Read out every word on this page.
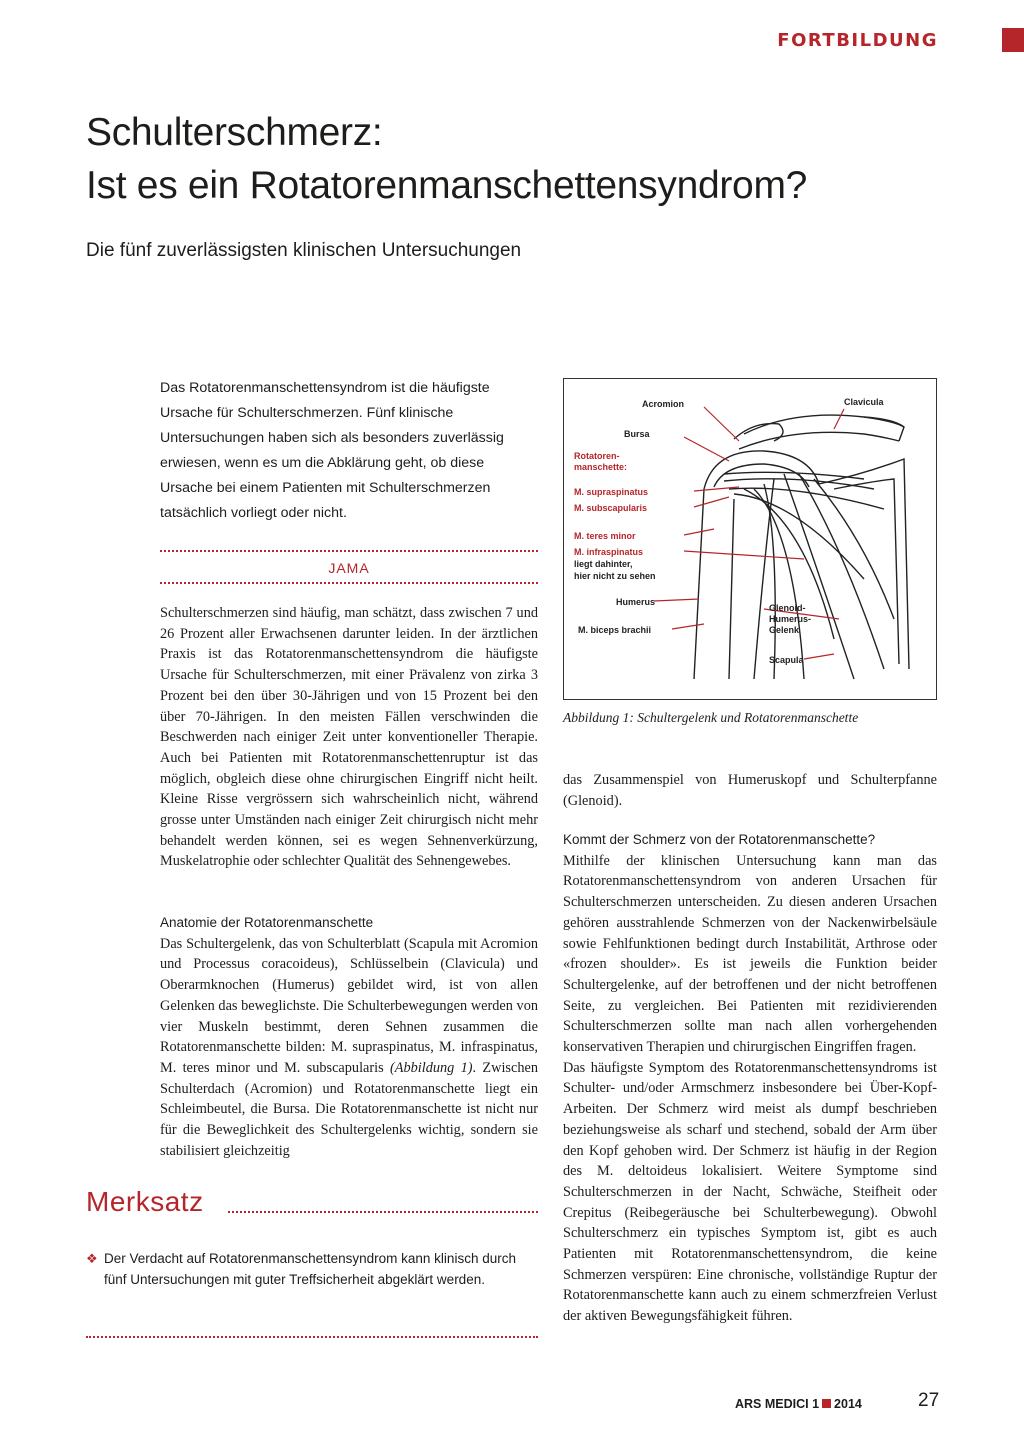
FORTBILDUNG
Schulterschmerz:
Ist es ein Rotatorenmanschettensyndrom?
Die fünf zuverlässigsten klinischen Untersuchungen
Das Rotatorenmanschettensyndrom ist die häufigste Ursache für Schulterschmerzen. Fünf klinische Untersuchungen haben sich als besonders zuverlässig erwiesen, wenn es um die Abklärung geht, ob diese Ursache bei einem Patienten mit Schulterschmerzen tatsächlich vorliegt oder nicht.
JAMA

Schulterschmerzen sind häufig, man schätzt, dass zwischen 7 und 26 Prozent aller Erwachsenen darunter leiden. In der ärztlichen Praxis ist das Rotatorenmanschettensyndrom die häufigste Ursache für Schulterschmerzen, mit einer Prävalenz von zirka 3 Prozent bei den über 30-Jährigen und von 15 Prozent bei den über 70-Jährigen. In den meisten Fällen verschwinden die Beschwerden nach einiger Zeit unter konventioneller Therapie. Auch bei Patienten mit Rotatorenmanschettenruptur ist das möglich, obgleich diese ohne chirurgischen Eingriff nicht heilt. Kleine Risse vergrössern sich wahrscheinlich nicht, während grosse unter Umständen nach einiger Zeit chirurgisch nicht mehr behandelt werden können, sei es wegen Sehnenverkürzung, Muskelatrophie oder schlechter Qualität des Sehnengewebes.

Anatomie der Rotatorenmanschette

Das Schultergelenk, das von Schulterblatt (Scapula mit Acromion und Processus coracoideus), Schlüsselbein (Clavicula) und Oberarmknochen (Humerus) gebildet wird, ist von allen Gelenken das beweglichste. Die Schulterbewegungen werden von vier Muskeln bestimmt, deren Sehnen zusammen die Rotatorenmanschette bilden: M. supraspinatus, M. infraspinatus, M. teres minor und M. subscapularis (Abbildung 1). Zwischen Schulterdach (Acromion) und Rotatorenmanschette liegt ein Schleimbeutel, die Bursa. Die Rotatorenmanschette ist nicht nur für die Beweglichkeit des Schultergelenks wichtig, sondern sie stabilisiert gleichzeitig

Acromion	Clavicula
Bursa
Rotatoren-
manschette:
M. supraspinatus
M. subscapularis
M. teres minor
M. infraspinatus
liegt dahinter,
hier nicht zu sehen
Humerus
M. biceps brachii
Glenoid-
Humerus-
Gelenk
Scapula
Abbildung 1: Schultergelenk und Rotatorenmanschette

das Zusammenspiel von Humeruskopf und Schulterpfanne (Glenoid).

Kommt der Schmerz von der Rotatorenmanschette?

Mithilfe der klinischen Untersuchung kann man das Rotatorenmanschettensyndrom von anderen Ursachen für Schulterschmerzen unterscheiden. Zu diesen anderen Ursachen gehören ausstrahlende Schmerzen von der Nackenwirbelsäule sowie Fehlfunktionen bedingt durch Instabilität, Arthrose oder «frozen shoulder». Es ist jeweils die Funktion beider Schultergelenke, auf der betroffenen und der nicht betroffenen Seite, zu vergleichen. Bei Patienten mit rezidivierenden Schulterschmerzen sollte man nach allen vorhergehenden konservativen Therapien und chirurgischen Eingriffen fragen.

Das häufigste Symptom des Rotatorenmanschettensyndroms ist Schulter- und/oder Armschmerz insbesondere bei Über-Kopf-Arbeiten. Der Schmerz wird meist als dumpf beschrieben beziehungsweise als scharf und stechend, sobald der Arm über den Kopf gehoben wird. Der Schmerz ist häufig in der Region des M. deltoideus lokalisiert. Weitere Symptome sind Schulterschmerzen in der Nacht, Schwäche, Steifheit oder Crepitus (Reibegeräusche bei Schulterbewegung). Obwohl Schulterschmerz ein typisches Symptom ist, gibt es auch Patienten mit Rotatorenmanschettensyndrom, die keine Schmerzen verspüren: Eine chronische, vollständige Ruptur der Rotatorenmanschette kann auch zu einem schmerzfreien Verlust der aktiven Bewegungsfähigkeit führen.

Merksatz
❖ Der Verdacht auf Rotatorenmanschettensyndrom kann klinisch durch fünf Untersuchungen mit guter Treffsicherheit abgeklärt werden.
ARS MEDICI 1 2014	27
